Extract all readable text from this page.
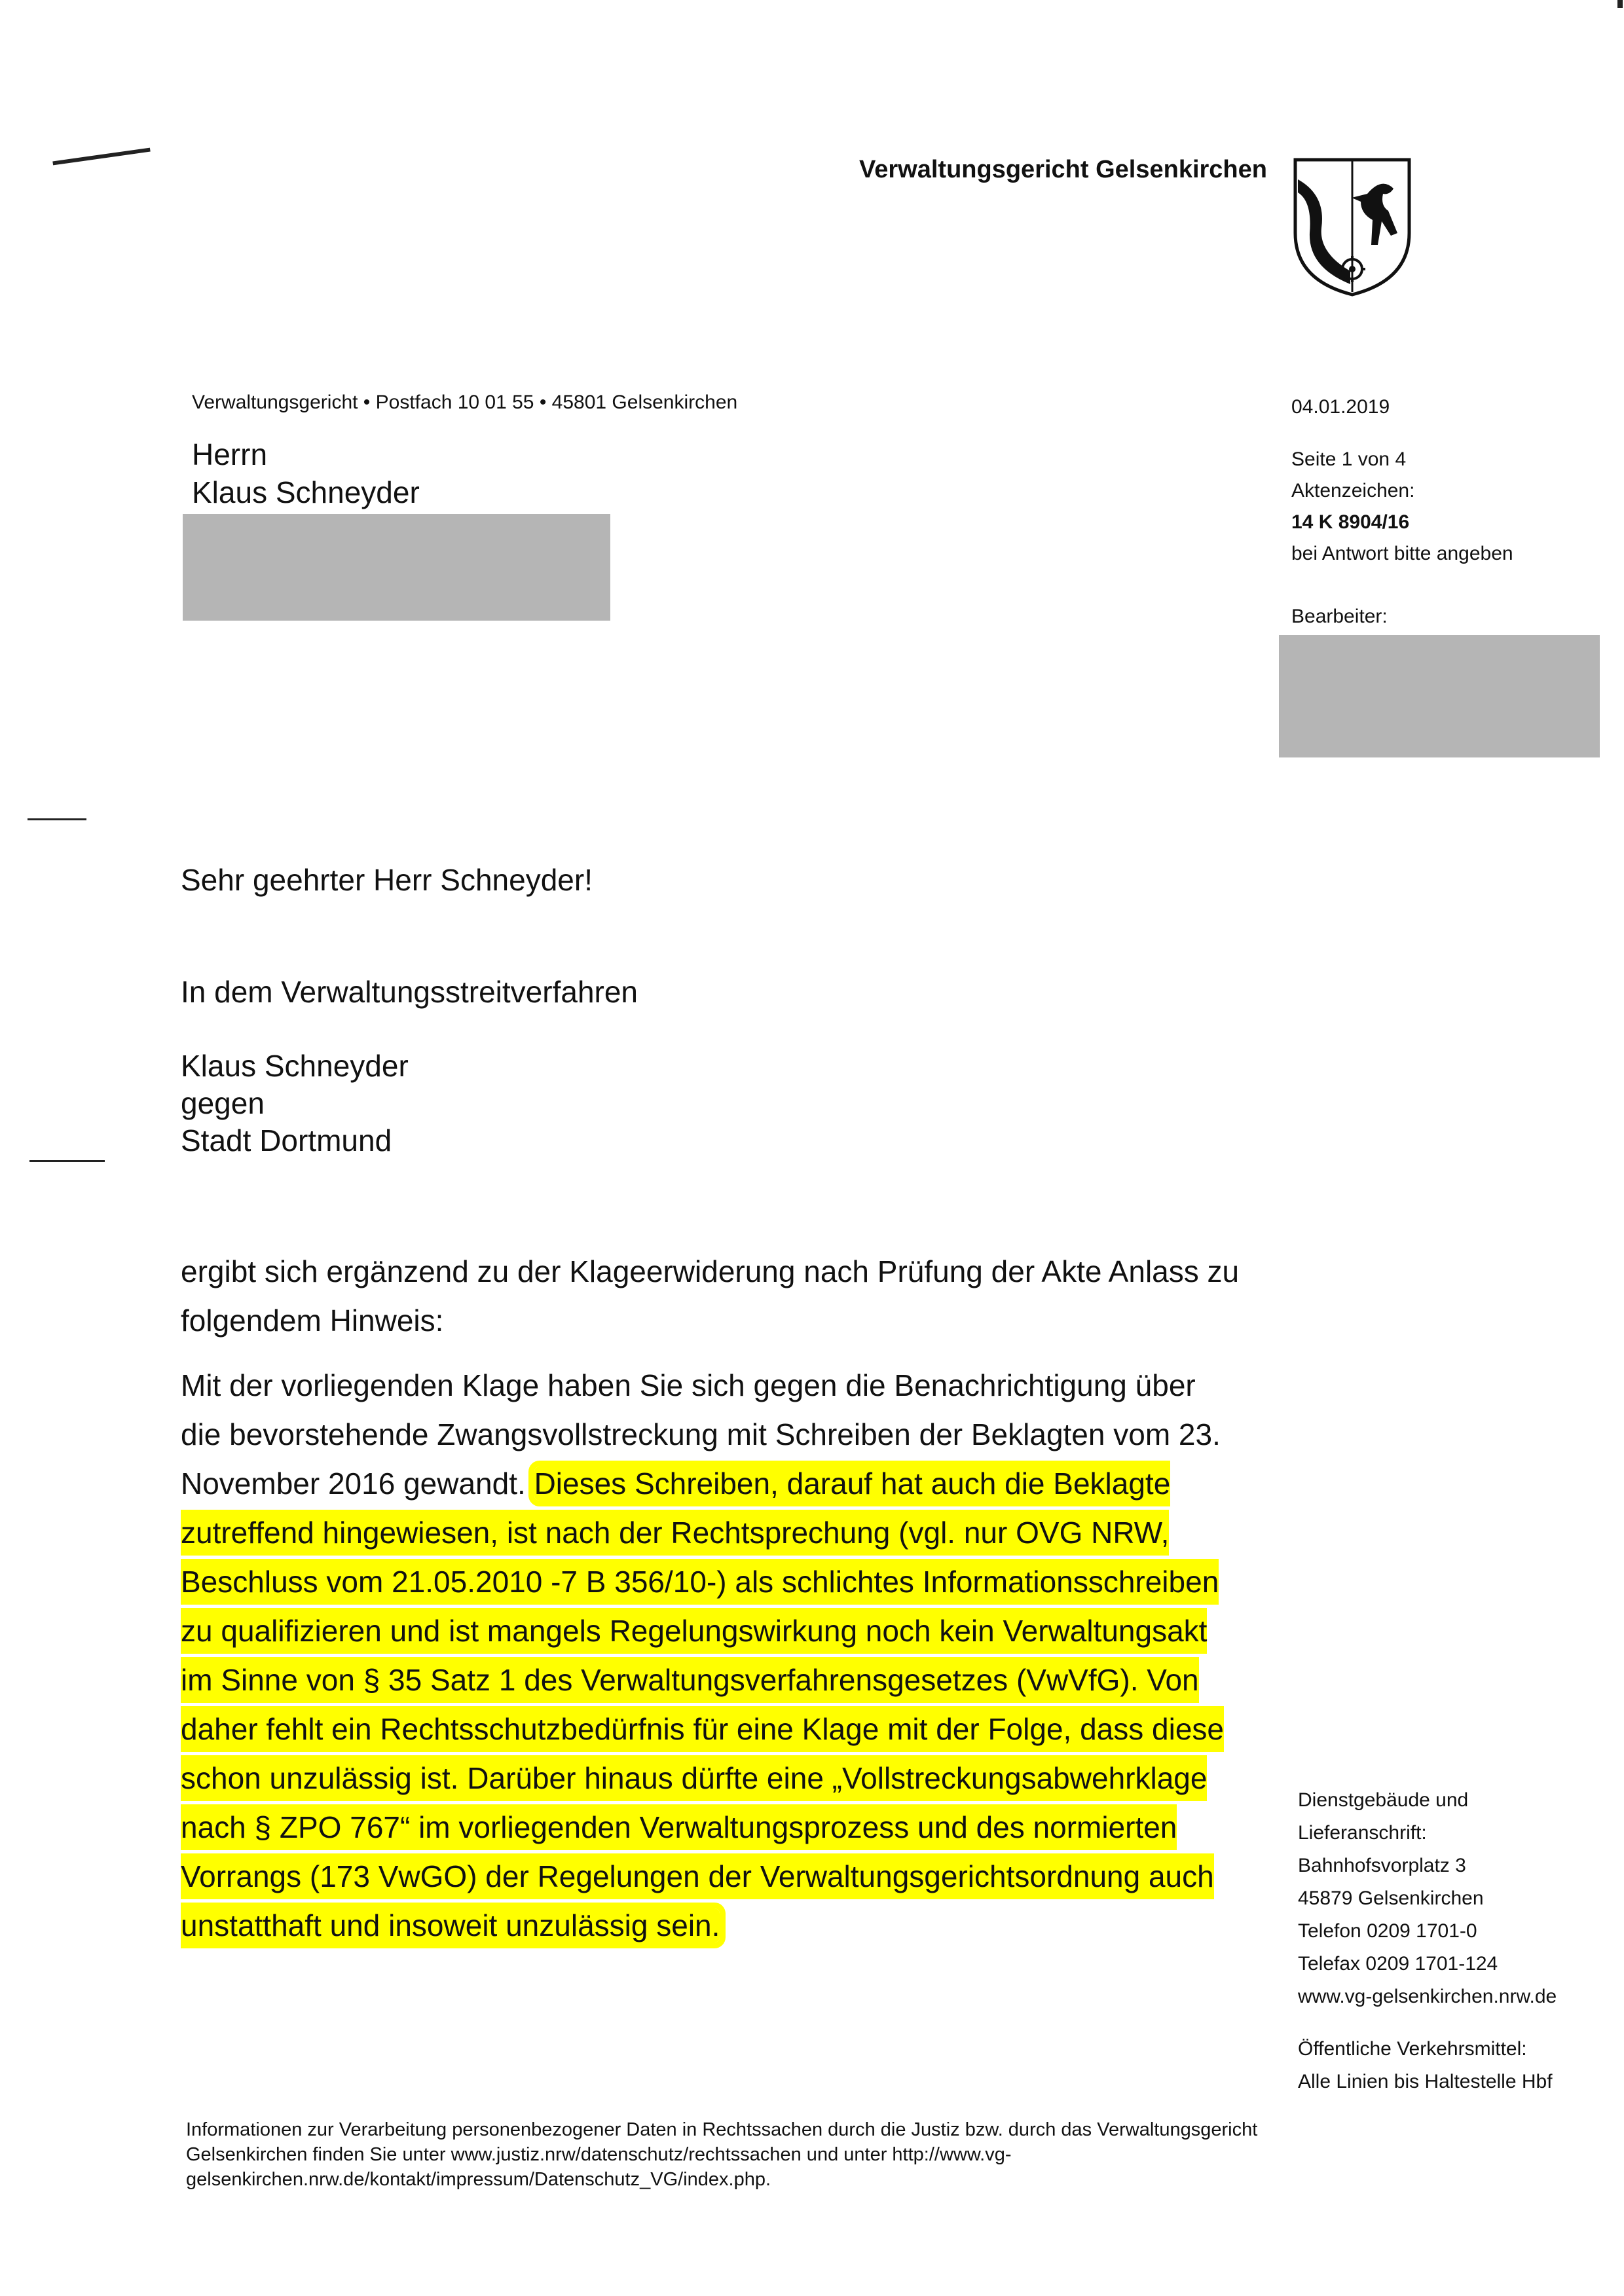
Verwaltungsgericht Gelsenkirchen
Verwaltungsgericht • Postfach 10 01 55 • 45801 Gelsenkirchen
Herrn
Klaus Schneyder
04.01.2019
Seite 1 von 4
Aktenzeichen:
14 K 8904/16
bei Antwort bitte angeben
Bearbeiter:
Sehr geehrter Herr Schneyder!
In dem Verwaltungsstreitverfahren
Klaus Schneyder
gegen
Stadt Dortmund

ergibt sich ergänzend zu der Klageerwiderung nach Prüfung der Akte Anlass zu folgendem Hinweis:

Mit der vorliegenden Klage haben Sie sich gegen die Benachrichtigung über die bevorstehende Zwangsvollstreckung mit Schreiben der Beklagten vom 23. November 2016 gewandt. Dieses Schreiben, darauf hat auch die Beklagte zutreffend hingewiesen, ist nach der Rechtsprechung (vgl. nur OVG NRW, Beschluss vom 21.05.2010 -7 B 356/10-) als schlichtes Informationsschreiben zu qualifizieren und ist mangels Regelungswirkung noch kein Verwaltungsakt im Sinne von § 35 Satz 1 des Verwaltungsverfahrensgesetzes (VwVfG). Von daher fehlt ein Rechtsschutzbedürfnis für eine Klage mit der Folge, dass diese schon unzulässig ist. Darüber hinaus dürfte eine „Vollstreckungsabwehrklage nach § ZPO 767“ im vorliegenden Verwaltungsprozess und des normierten Vorrangs (173 VwGO) der Regelungen der Verwaltungsgerichtsordnung auch unstatthaft und insoweit unzulässig sein.

Dienstgebäude und
Lieferanschrift:
Bahnhofsvorplatz 3
45879 Gelsenkirchen
Telefon 0209 1701-0
Telefax 0209 1701-124
www.vg-gelsenkirchen.nrw.de
Öffentliche Verkehrsmittel:
Alle Linien bis Haltestelle Hbf
Informationen zur Verarbeitung personenbezogener Daten in Rechtssachen durch die Justiz bzw. durch das Verwaltungsgericht Gelsenkirchen finden Sie unter www.justiz.nrw/datenschutz/rechtssachen und unter http://www.vg-gelsenkirchen.nrw.de/kontakt/impressum/Datenschutz_VG/index.php.
